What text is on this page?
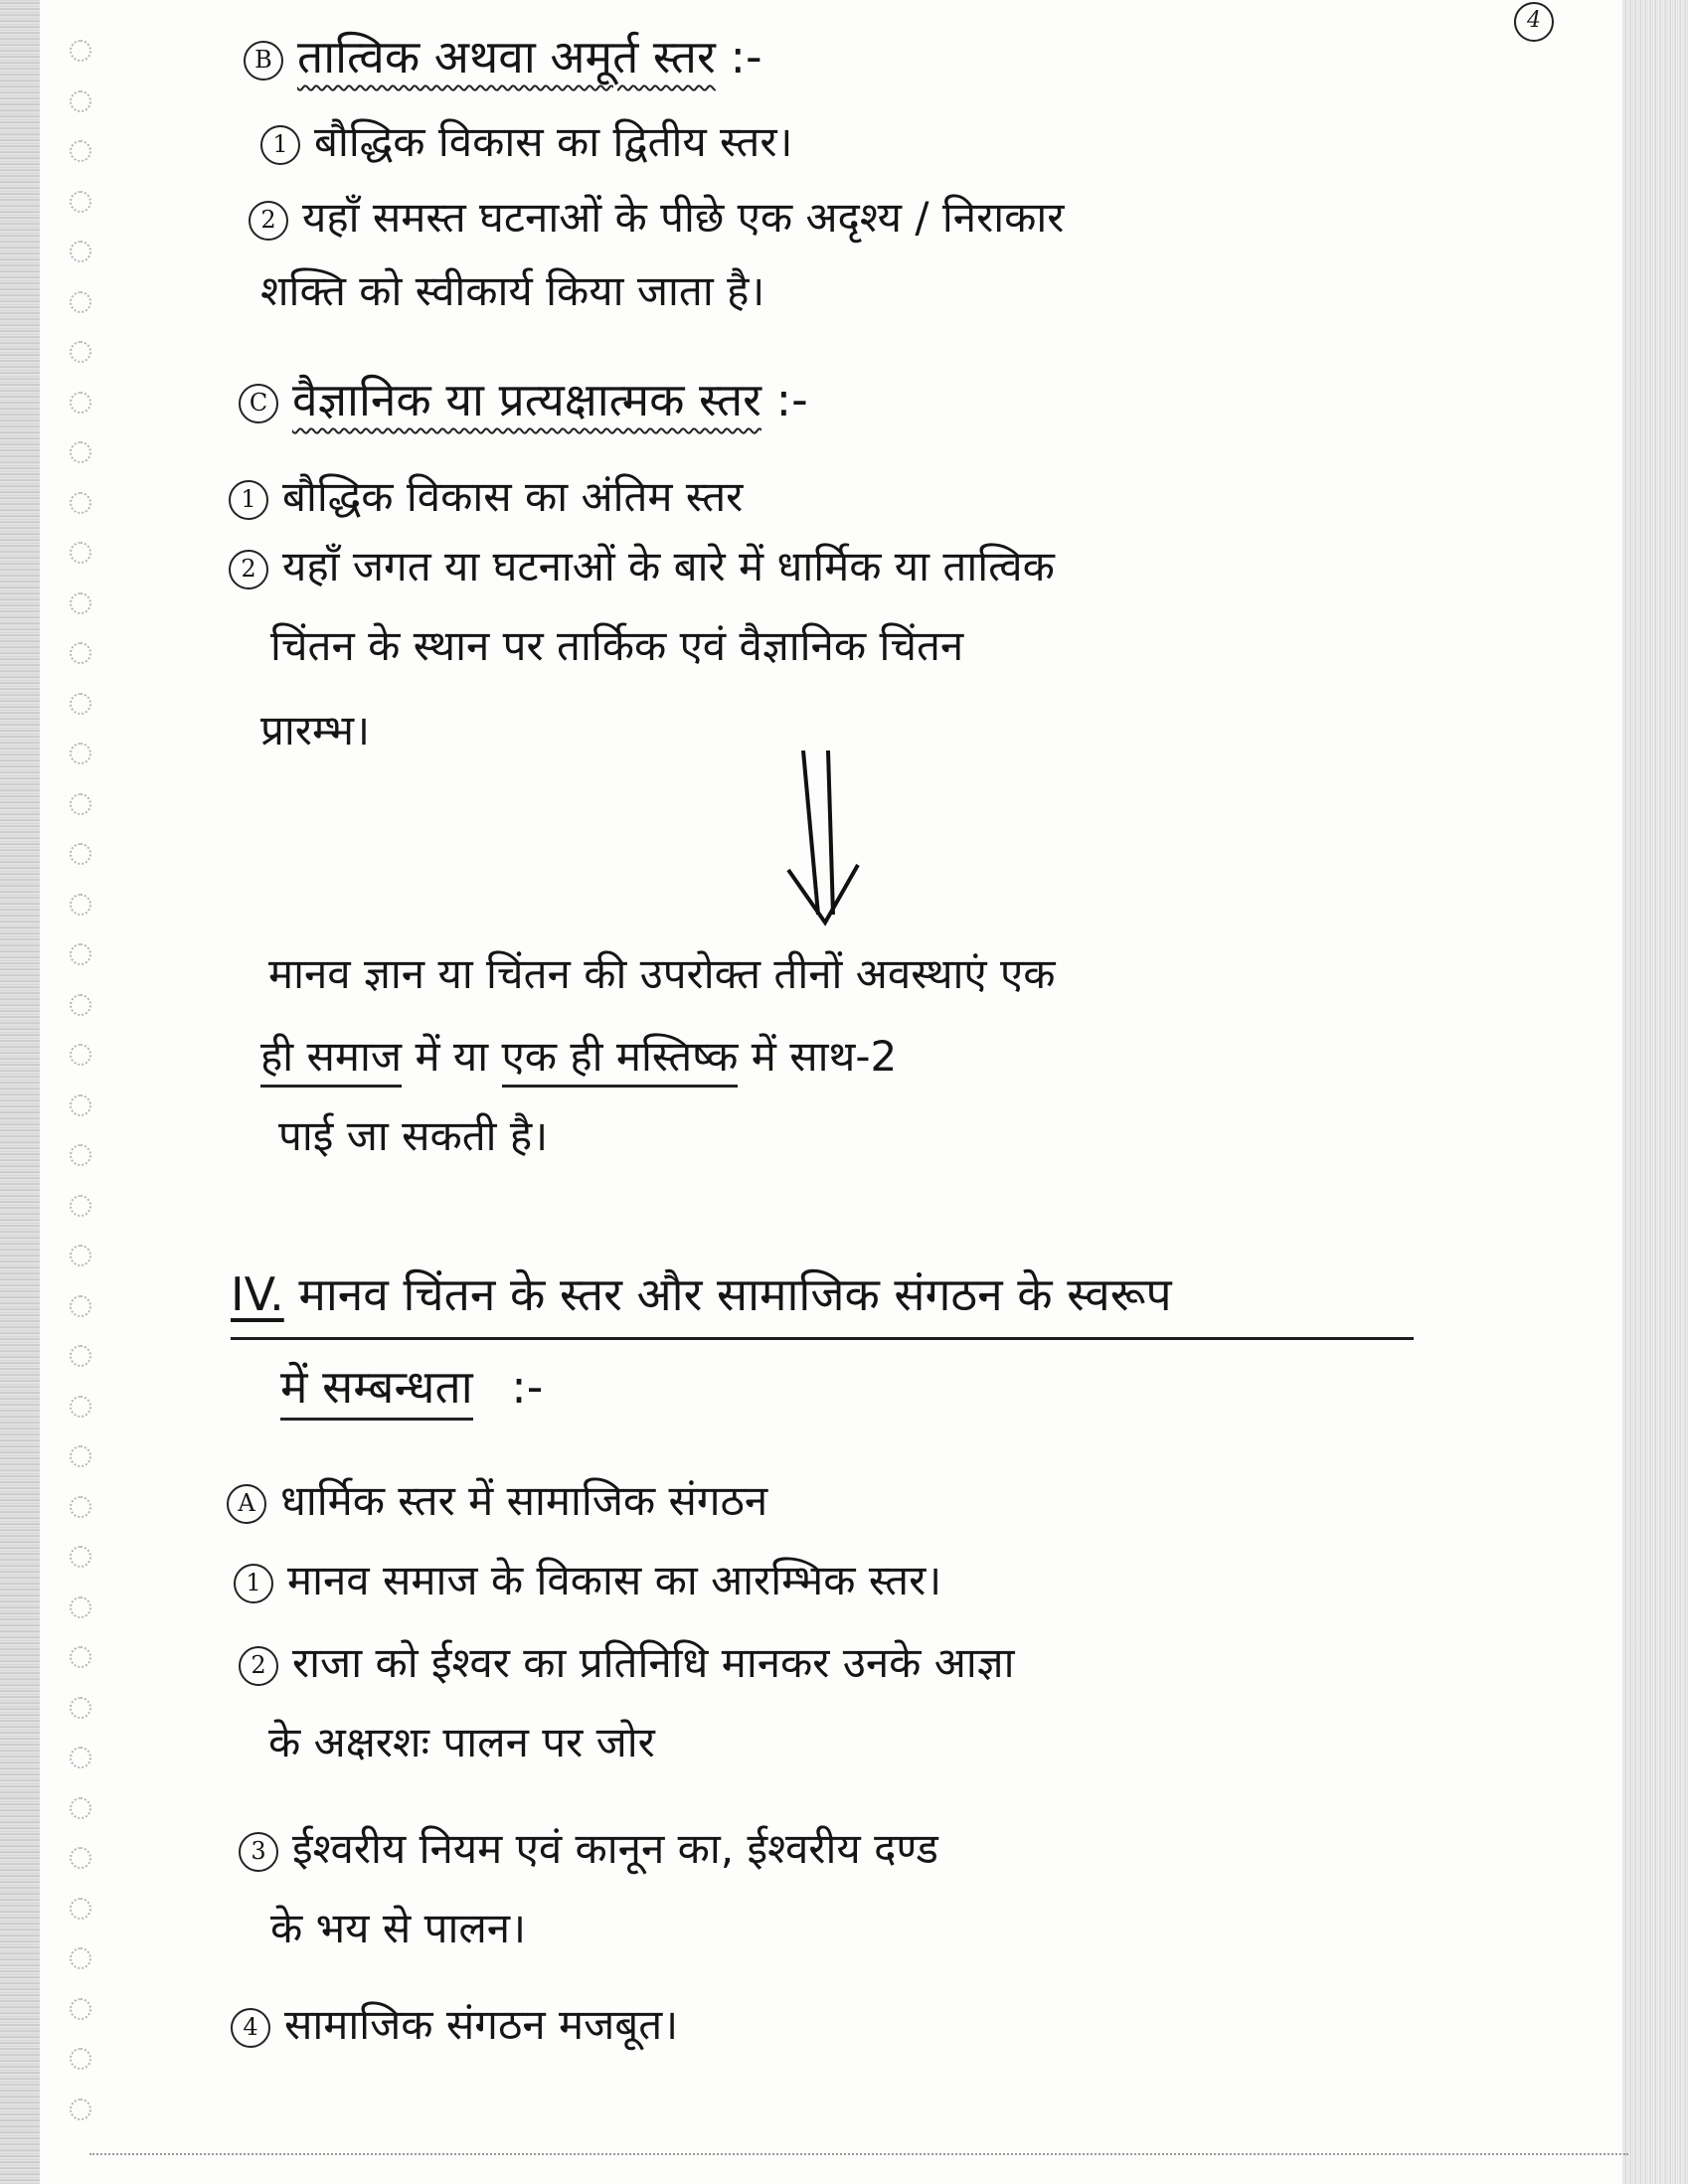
4
B तात्विक अथवा अमूर्त स्तर :-
1 बौद्धिक विकास का द्वितीय स्तर।
2 यहाँ समस्त घटनाओं के पीछे एक अदृश्य / निराकार
शक्ति को स्वीकार्य किया जाता है।
C वैज्ञानिक या प्रत्यक्षात्मक स्तर :-
1 बौद्धिक विकास का अंतिम स्तर
2 यहाँ जगत या घटनाओं के बारे में धार्मिक या तात्विक
चिंतन के स्थान पर तार्किक एवं वैज्ञानिक चिंतन
प्रारम्भ।
मानव ज्ञान या चिंतन की उपरोक्त तीनों अवस्थाएं एक
ही समाज में या एक ही मस्तिष्क में साथ-2
पाई जा सकती है।
IV. मानव चिंतन के स्तर और सामाजिक संगठन के स्वरूप
में सम्बन्धता :-
A धार्मिक स्तर में सामाजिक संगठन
1 मानव समाज के विकास का आरम्भिक स्तर।
2 राजा को ईश्वर का प्रतिनिधि मानकर उनके आज्ञा
के अक्षरशः पालन पर जोर
3 ईश्वरीय नियम एवं कानून का, ईश्वरीय दण्ड
के भय से पालन।
4 सामाजिक संगठन मजबूत।
